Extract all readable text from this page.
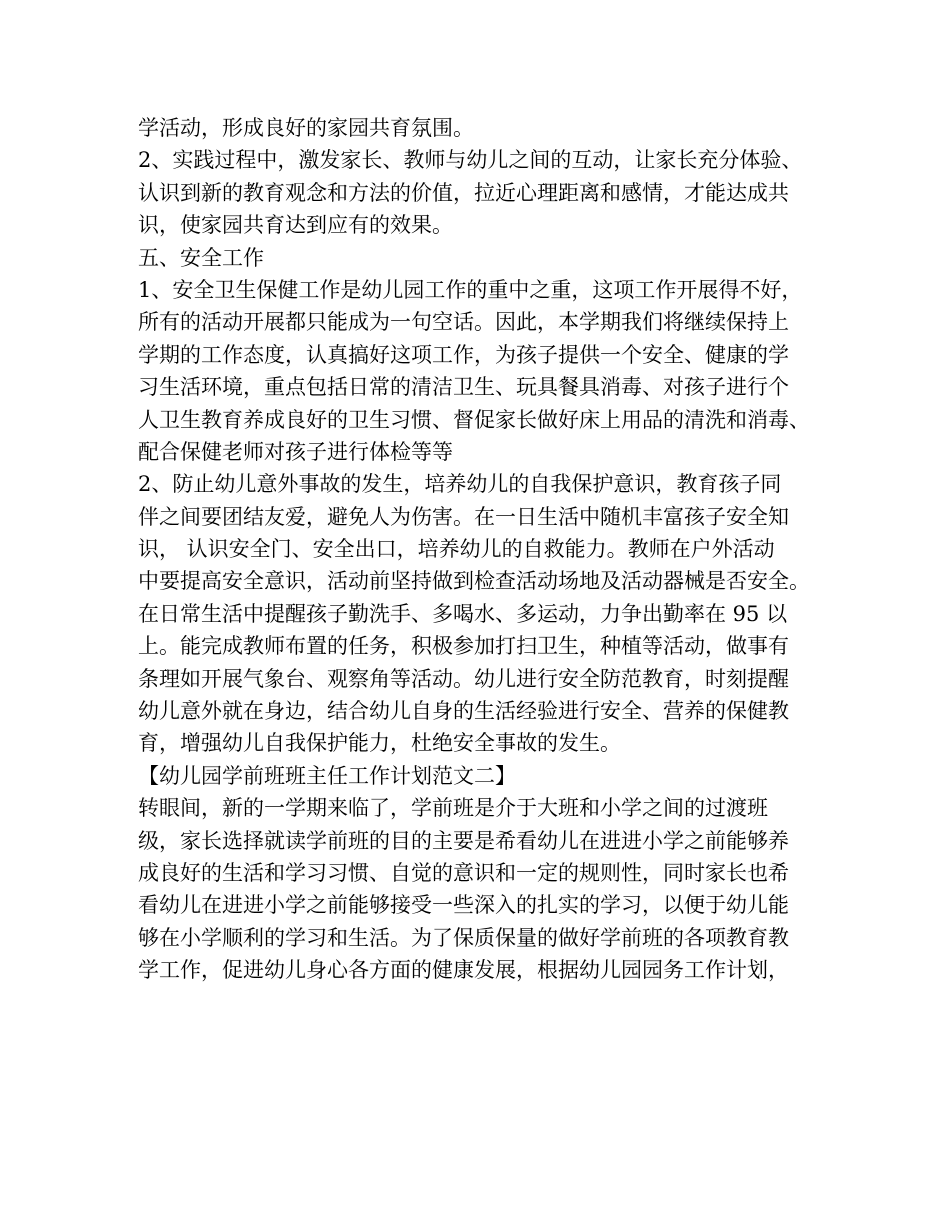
学活动，形成良好的家园共育氛围。
2、实践过程中，激发家长、教师与幼儿之间的互动，让家长充分体验、
认识到新的教育观念和方法的价值，拉近心理距离和感情，才能达成共
识，使家园共育达到应有的效果。
五、安全工作
1、安全卫生保健工作是幼儿园工作的重中之重，这项工作开展得不好，
所有的活动开展都只能成为一句空话。因此，本学期我们将继续保持上
学期的工作态度，认真搞好这项工作，为孩子提供一个安全、健康的学
习生活环境，重点包括日常的清洁卫生、玩具餐具消毒、对孩子进行个
人卫生教育养成良好的卫生习惯、督促家长做好床上用品的清洗和消毒、
配合保健老师对孩子进行体检等等
2、防止幼儿意外事故的发生，培养幼儿的自我保护意识，教育孩子同
伴之间要团结友爱，避免人为伤害。在一日生活中随机丰富孩子安全知
识， 认识安全门、安全出口，培养幼儿的自救能力。教师在户外活动
中要提高安全意识，活动前坚持做到检查活动场地及活动器械是否安全。
在日常生活中提醒孩子勤洗手、多喝水、多运动，力争出勤率在 95 以
上。能完成教师布置的任务，积极参加打扫卫生，种植等活动，做事有
条理如开展气象台、观察角等活动。幼儿进行安全防范教育，时刻提醒
幼儿意外就在身边，结合幼儿自身的生活经验进行安全、营养的保健教
育，增强幼儿自我保护能力，杜绝安全事故的发生。
【幼儿园学前班班主任工作计划范文二】
转眼间，新的一学期来临了，学前班是介于大班和小学之间的过渡班
级，家长选择就读学前班的目的主要是希看幼儿在进进小学之前能够养
成良好的生活和学习习惯、自觉的意识和一定的规则性，同时家长也希
看幼儿在进进小学之前能够接受一些深入的扎实的学习，以便于幼儿能
够在小学顺利的学习和生活。为了保质保量的做好学前班的各项教育教
学工作，促进幼儿身心各方面的健康发展，根据幼儿园园务工作计划，
